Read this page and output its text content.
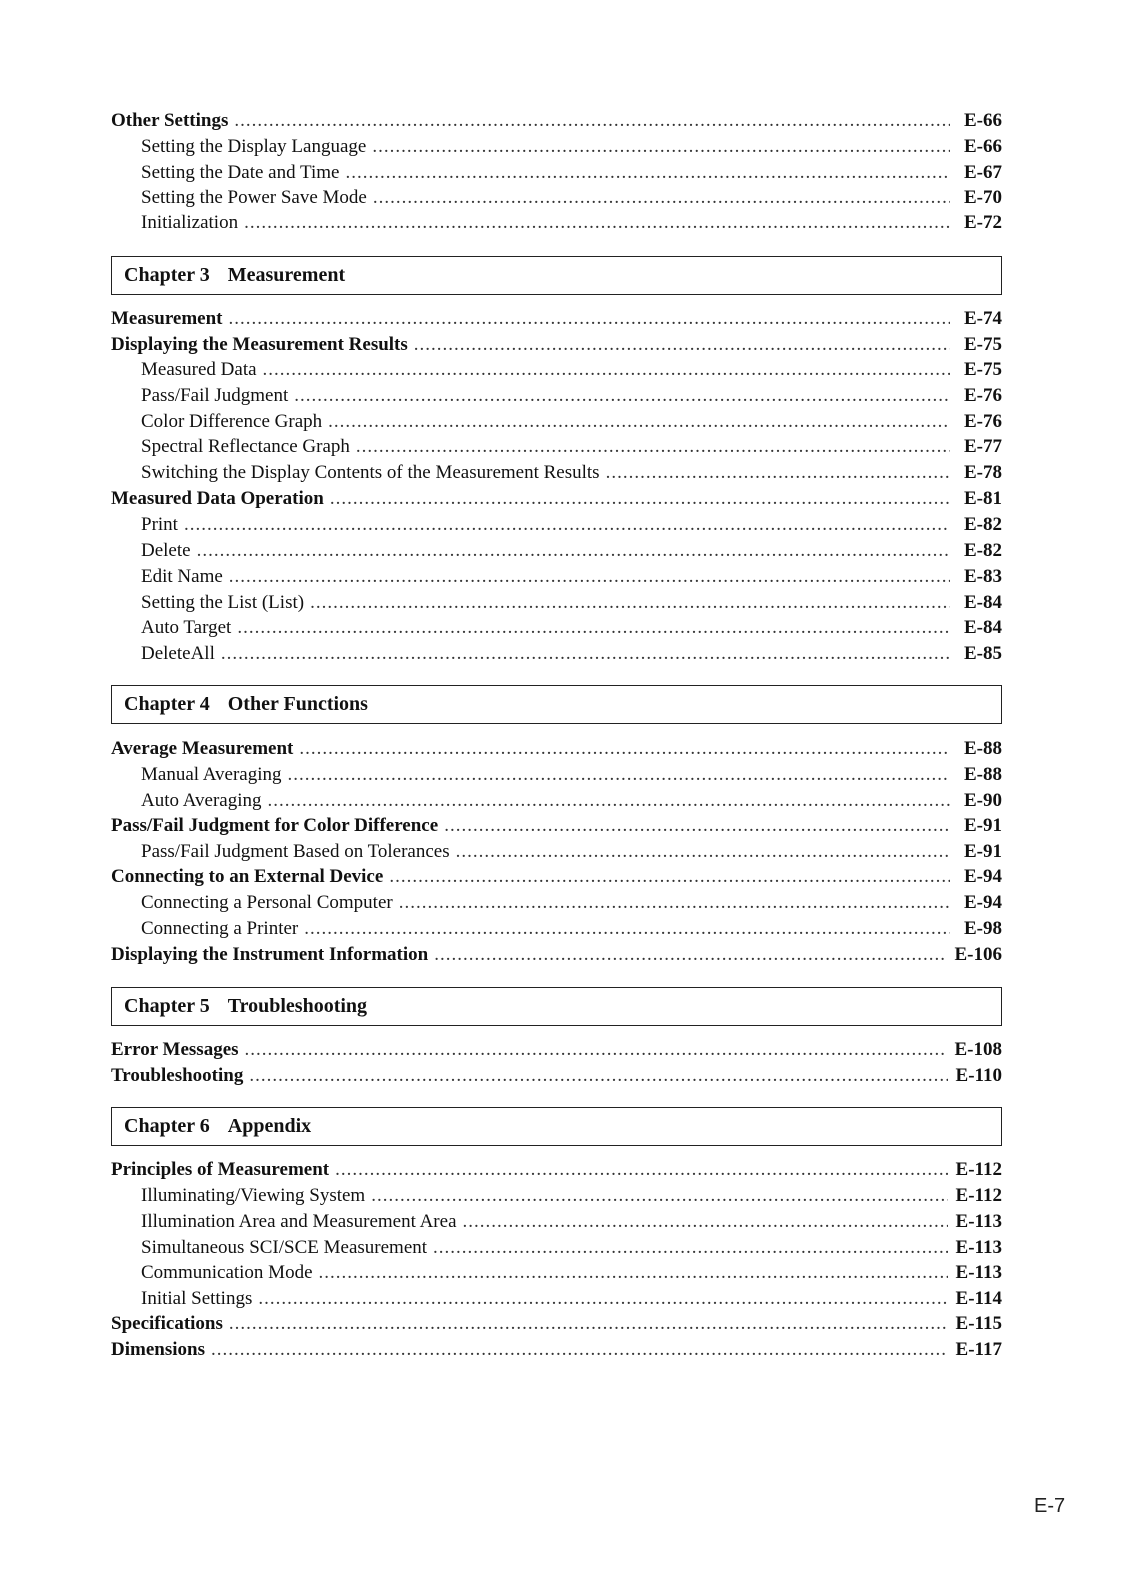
Other Settings .....	E-66
Setting the Display Language .....	E-66
Setting the Date and Time .....	E-67
Setting the Power Save Mode .....	E-70
Initialization .....	E-72
Chapter 3 Measurement
Measurement .....	E-74
Displaying the Measurement Results .....	E-75
Measured Data .....	E-75
Pass/Fail Judgment .....	E-76
Color Difference Graph .....	E-76
Spectral Reflectance Graph .....	E-77
Switching the Display Contents of the Measurement Results .....	E-78
Measured Data Operation .....	E-81
Print .....	E-82
Delete .....	E-82
Edit Name .....	E-83
Setting the List (List) .....	E-84
Auto Target .....	E-84
DeleteAll .....	E-85
Chapter 4 Other Functions
Average Measurement .....	E-88
Manual Averaging .....	E-88
Auto Averaging .....	E-90
Pass/Fail Judgment for Color Difference .....	E-91
Pass/Fail Judgment Based on Tolerances .....	E-91
Connecting to an External Device .....	E-94
Connecting a Personal Computer .....	E-94
Connecting a Printer .....	E-98
Displaying the Instrument Information .....	E-106
Chapter 5 Troubleshooting
Error Messages .....	E-108
Troubleshooting .....	E-110
Chapter 6 Appendix
Principles of Measurement .....	E-112
Illuminating/Viewing System .....	E-112
Illumination Area and Measurement Area .....	E-113
Simultaneous SCI/SCE Measurement .....	E-113
Communication Mode .....	E-113
Initial Settings .....	E-114
Specifications .....	E-115
Dimensions .....	E-117
E-7
